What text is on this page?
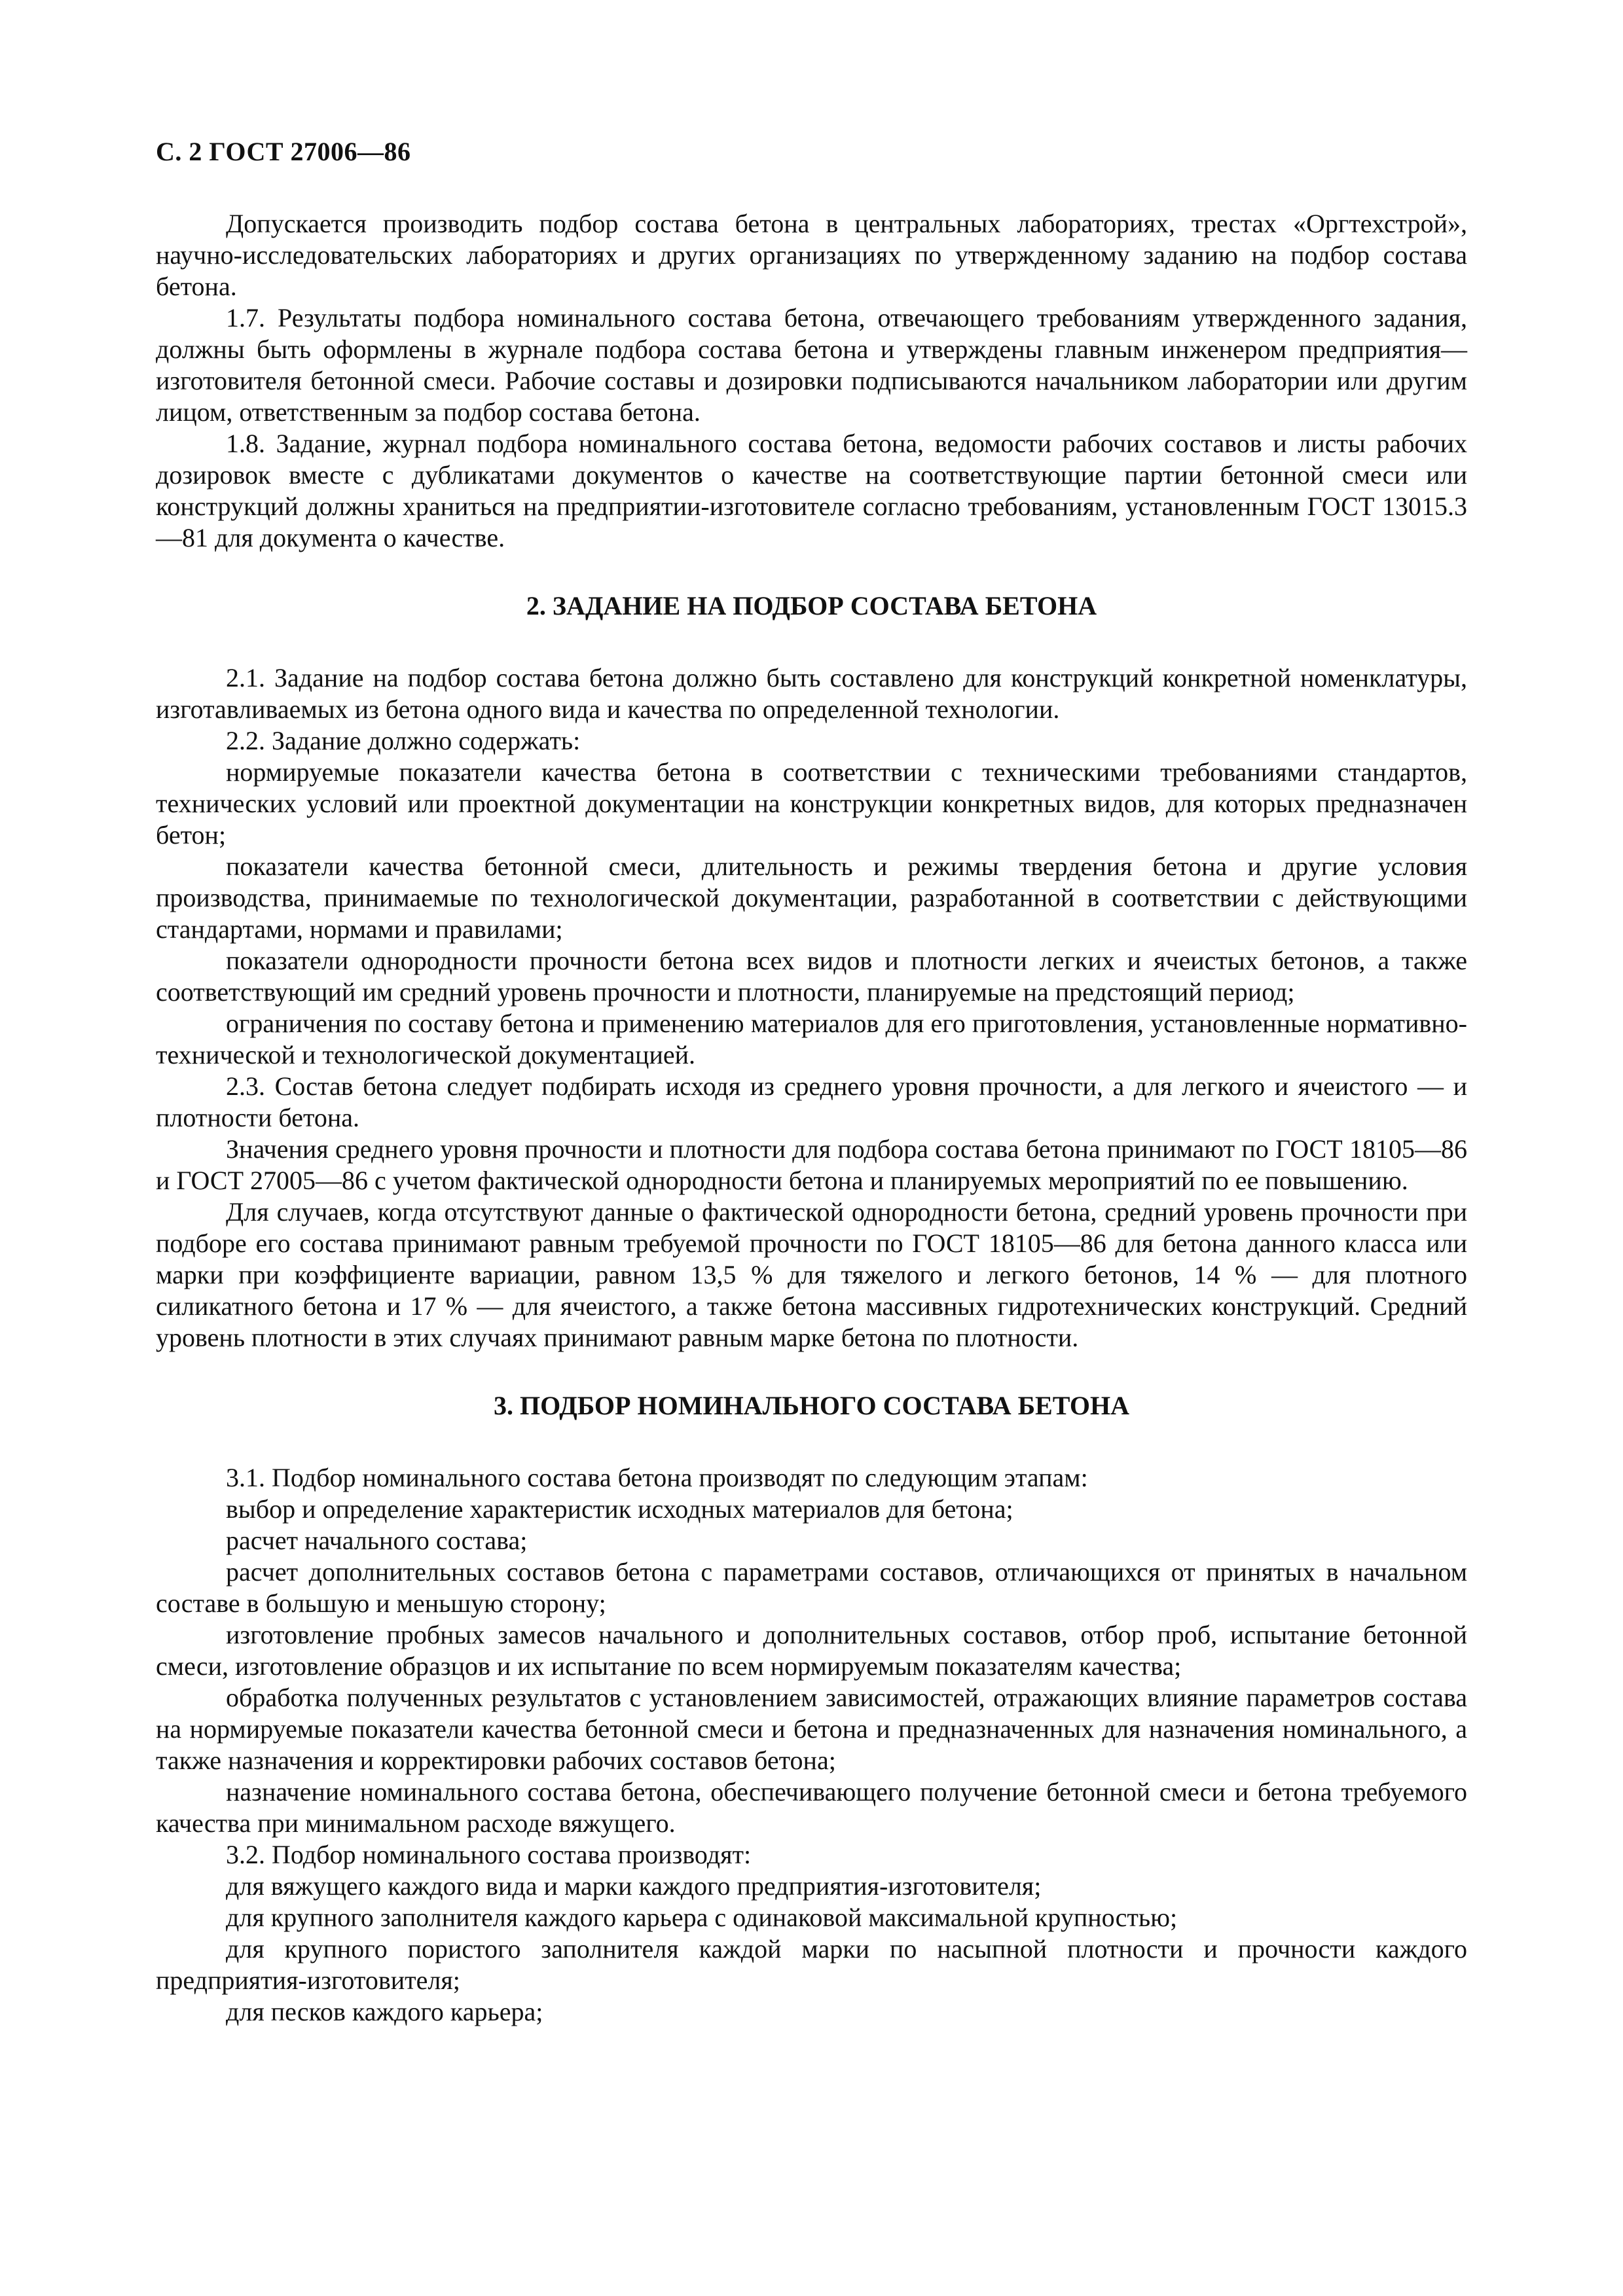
С. 2 ГОСТ 27006—86

Допускается производить подбор состава бетона в центральных лабораториях, трестах «Оргтехстрой», научно-исследовательских лабораториях и других организациях по утвержденному заданию на подбор состава бетона.

1.7. Результаты подбора номинального состава бетона, отвечающего требованиям утвержденного задания, должны быть оформлены в журнале подбора состава бетона и утверждены главным инженером предприятия—изготовителя бетонной смеси. Рабочие составы и дозировки подписываются начальником лаборатории или другим лицом, ответственным за подбор состава бетона.

1.8. Задание, журнал подбора номинального состава бетона, ведомости рабочих составов и листы рабочих дозировок вместе с дубликатами документов о качестве на соответствующие партии бетонной смеси или конструкций должны храниться на предприятии-изготовителе согласно требованиям, установленным ГОСТ 13015.3—81 для документа о качестве.

2. ЗАДАНИЕ НА ПОДБОР СОСТАВА БЕТОНА

2.1. Задание на подбор состава бетона должно быть составлено для конструкций конкретной номенклатуры, изготавливаемых из бетона одного вида и качества по определенной технологии.

2.2. Задание должно содержать:

нормируемые показатели качества бетона в соответствии с техническими требованиями стандартов, технических условий или проектной документации на конструкции конкретных видов, для которых предназначен бетон;

показатели качества бетонной смеси, длительность и режимы твердения бетона и другие условия производства, принимаемые по технологической документации, разработанной в соответствии с действующими стандартами, нормами и правилами;

показатели однородности прочности бетона всех видов и плотности легких и ячеистых бетонов, а также соответствующий им средний уровень прочности и плотности, планируемые на предстоящий период;

ограничения по составу бетона и применению материалов для его приготовления, установленные нормативно-технической и технологической документацией.

2.3. Состав бетона следует подбирать исходя из среднего уровня прочности, а для легкого и ячеистого — и плотности бетона.

Значения среднего уровня прочности и плотности для подбора состава бетона принимают по ГОСТ 18105—86 и ГОСТ 27005—86 с учетом фактической однородности бетона и планируемых мероприятий по ее повышению.

Для случаев, когда отсутствуют данные о фактической однородности бетона, средний уровень прочности при подборе его состава принимают равным требуемой прочности по ГОСТ 18105—86 для бетона данного класса или марки при коэффициенте вариации, равном 13,5 % для тяжелого и легкого бетонов, 14 % — для плотного силикатного бетона и 17 % — для ячеистого, а также бетона массивных гидротехнических конструкций. Средний уровень плотности в этих случаях принимают равным марке бетона по плотности.

3. ПОДБОР НОМИНАЛЬНОГО СОСТАВА БЕТОНА

3.1. Подбор номинального состава бетона производят по следующим этапам:

выбор и определение характеристик исходных материалов для бетона;

расчет начального состава;

расчет дополнительных составов бетона с параметрами составов, отличающихся от принятых в начальном составе в большую и меньшую сторону;

изготовление пробных замесов начального и дополнительных составов, отбор проб, испытание бетонной смеси, изготовление образцов и их испытание по всем нормируемым показателям качества;

обработка полученных результатов с установлением зависимостей, отражающих влияние параметров состава на нормируемые показатели качества бетонной смеси и бетона и предназначенных для назначения номинального, а также назначения и корректировки рабочих составов бетона;

назначение номинального состава бетона, обеспечивающего получение бетонной смеси и бетона требуемого качества при минимальном расходе вяжущего.

3.2. Подбор номинального состава производят:

для вяжущего каждого вида и марки каждого предприятия-изготовителя;

для крупного заполнителя каждого карьера с одинаковой максимальной крупностью;

для крупного пористого заполнителя каждой марки по насыпной плотности и прочности каждого предприятия-изготовителя;

для песков каждого карьера;
